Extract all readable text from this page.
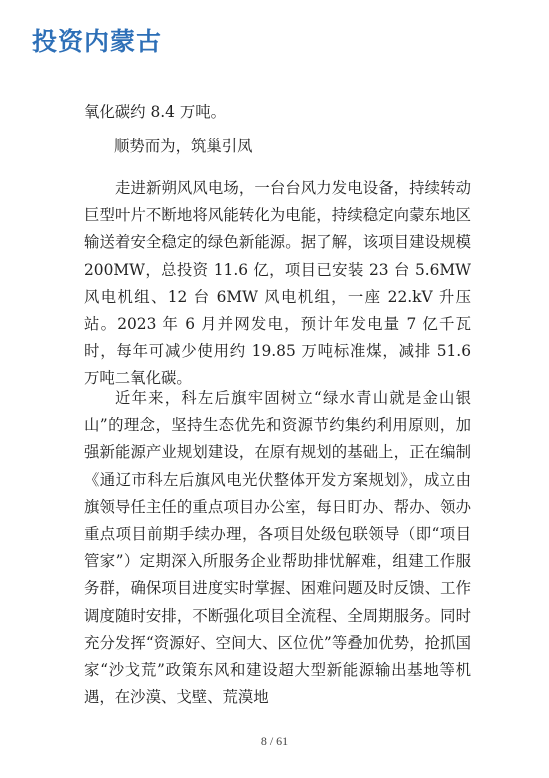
投资内蒙古

氧化碳约 8.4 万吨。

顺势而为，筑巢引凤

走进新朔风风电场，一台台风力发电设备，持续转动巨型叶片不断地将风能转化为电能，持续稳定向蒙东地区输送着安全稳定的绿色新能源。据了解，该项目建设规模 200MW，总投资 11.6 亿，项目已安装 23 台 5.6MW 风电机组、12 台 6MW 风电机组，一座 22.kV 升压站。2023 年 6 月并网发电，预计年发电量 7 亿千瓦时，每年可减少使用约 19.85 万吨标准煤，减排 51.6 万吨二氧化碳。

近年来，科左后旗牢固树立“绿水青山就是金山银山”的理念，坚持生态优先和资源节约集约利用原则，加强新能源产业规划建设，在原有规划的基础上，正在编制《通辽市科左后旗风电光伏整体开发方案规划》，成立由旗领导任主任的重点项目办公室，每日盯办、帮办、领办重点项目前期手续办理，各项目处级包联领导（即“项目管家”）定期深入所服务企业帮助排忧解难，组建工作服务群，确保项目进度实时掌握、困难问题及时反馈、工作调度随时安排，不断强化项目全流程、全周期服务。同时充分发挥“资源好、空间大、区位优”等叠加优势，抢抓国家“沙戈荒”政策东风和建设超大型新能源输出基地等机遇，在沙漠、戈壁、荒漠地

8 / 61
